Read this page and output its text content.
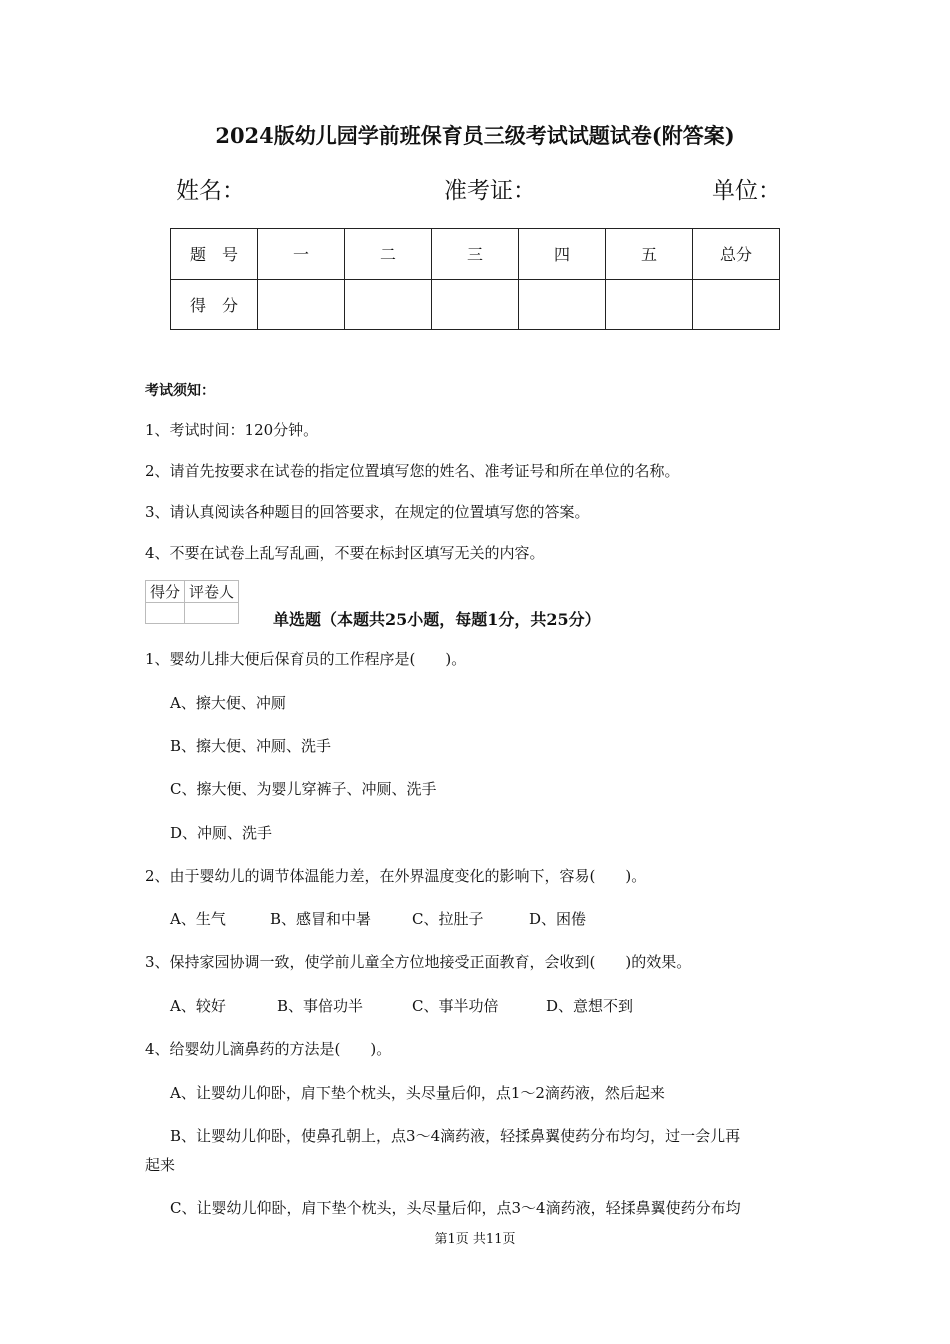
2024版幼儿园学前班保育员三级考试试题试卷(附答案)
姓名：	准考证：	单位：
题　号	一	二	三	四	五	总分
得　分						
考试须知：
1、考试时间：120分钟。
2、请首先按要求在试卷的指定位置填写您的姓名、准考证号和所在单位的名称。
3、请认真阅读各种题目的回答要求，在规定的位置填写您的答案。
4、不要在试卷上乱写乱画，不要在标封区填写无关的内容。
得分	评卷人

单选题（本题共25小题，每题1分，共25分）
1、婴幼儿排大便后保育员的工作程序是(　　)。
A、擦大便、冲厕
B、擦大便、冲厕、洗手
C、擦大便、为婴儿穿裤子、冲厕、洗手
D、冲厕、洗手
2、由于婴幼儿的调节体温能力差，在外界温度变化的影响下，容易(　　)。
A、生气	B、感冒和中暑	C、拉肚子	D、困倦
3、保持家园协调一致，使学前儿童全方位地接受正面教育，会收到(　　)的效果。
A、较好	B、事倍功半	C、事半功倍	D、意想不到
4、给婴幼儿滴鼻药的方法是(　　)。
A、让婴幼儿仰卧，肩下垫个枕头，头尽量后仰，点1～2滴药液，然后起来
B、让婴幼儿仰卧，使鼻孔朝上，点3～4滴药液，轻揉鼻翼使药分布均匀，过一会儿再
起来
C、让婴幼儿仰卧，肩下垫个枕头，头尽量后仰，点3～4滴药液，轻揉鼻翼使药分布均
第1页 共11页
